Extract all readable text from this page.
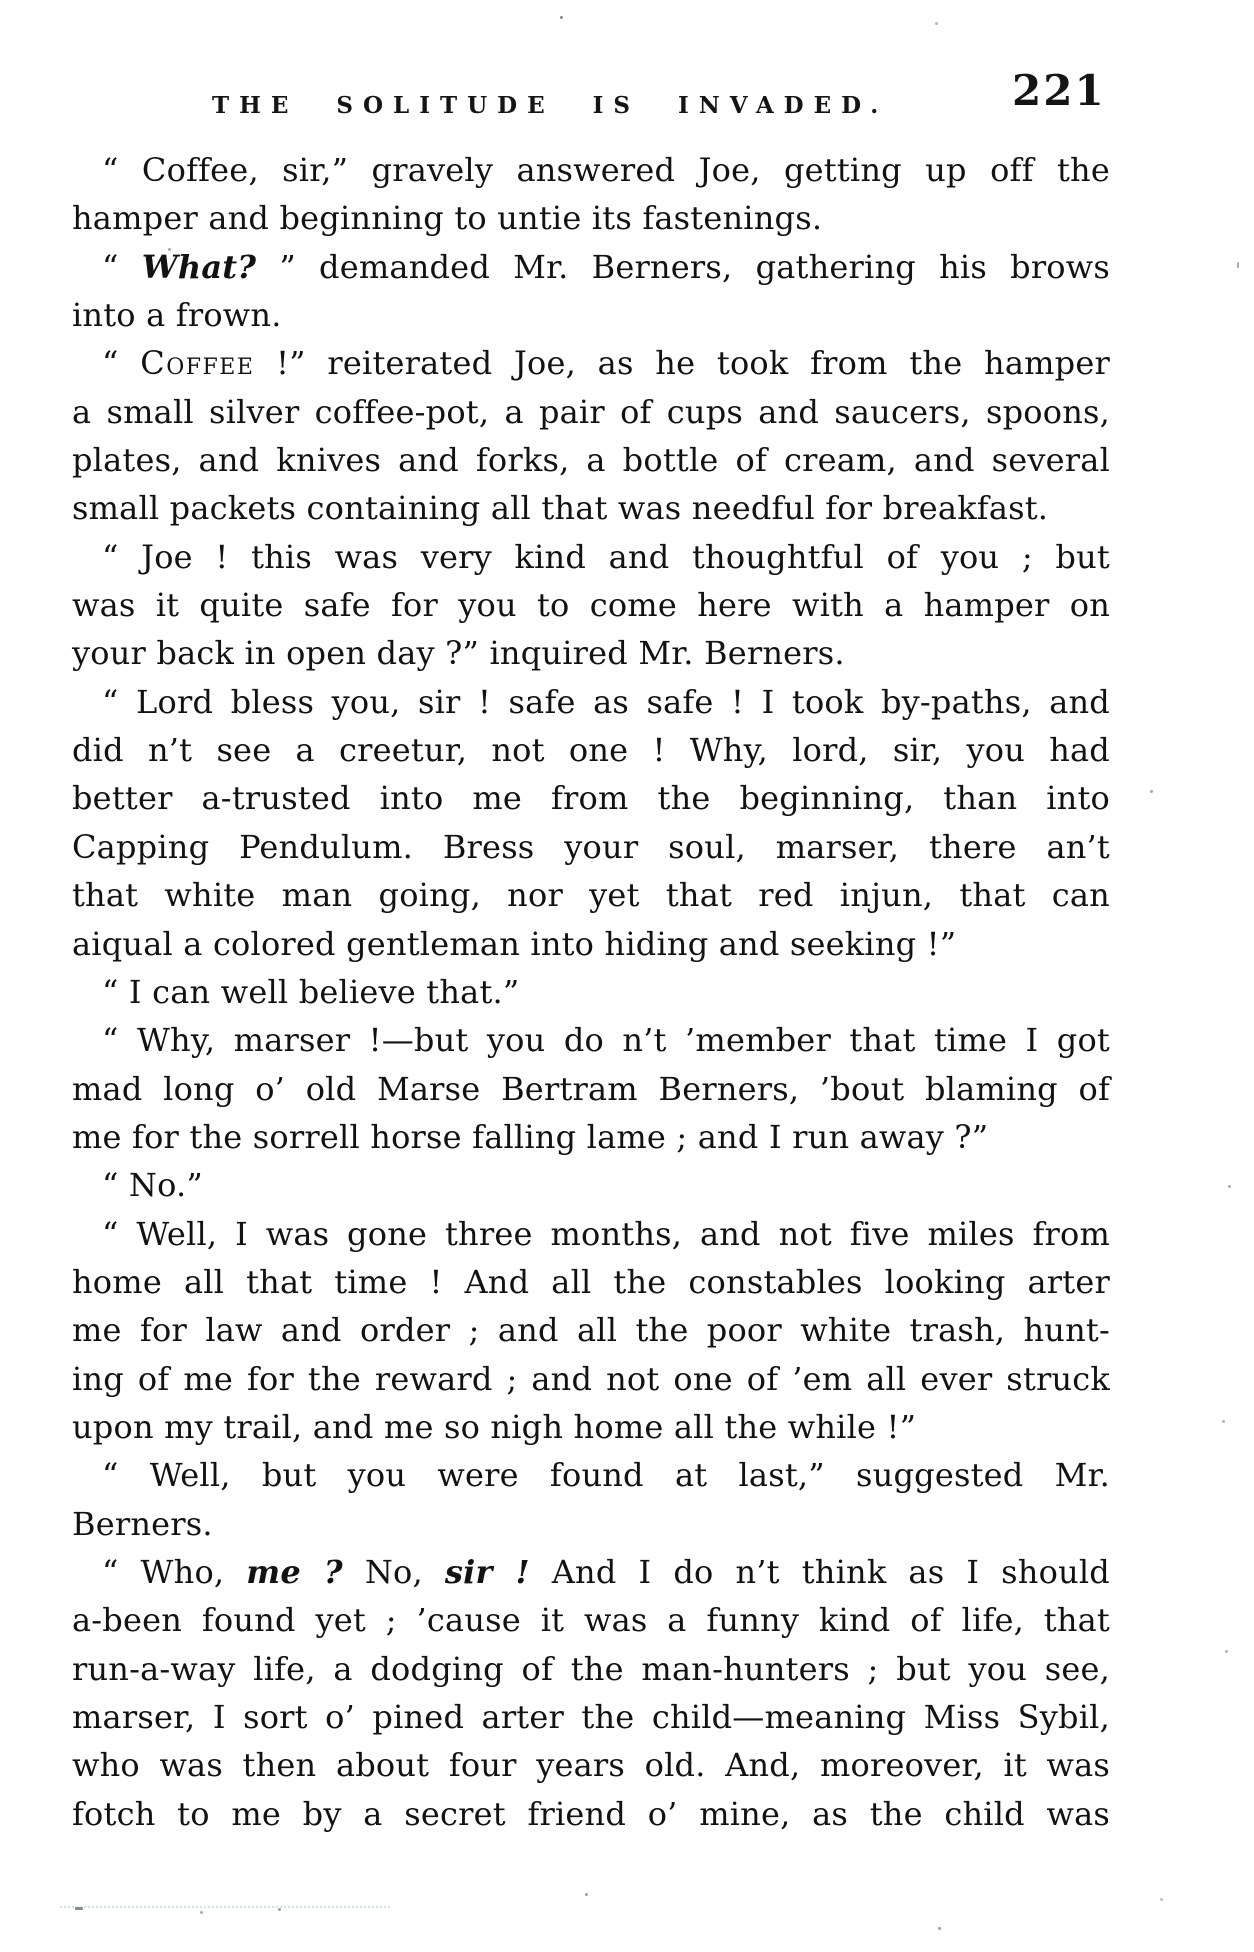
THE SOLITUDE IS INVADED.	221
“ Coffee, sir,” gravely answered Joe, getting up off the
hamper and beginning to untie its fastenings.
“ What? ” demanded Mr. Berners, gathering his brows
into a frown.
“ Coffee !” reiterated Joe, as he took from the hamper
a small silver coffee-pot, a pair of cups and saucers, spoons,
plates, and knives and forks, a bottle of cream, and several
small packets containing all that was needful for breakfast.
“ Joe ! this was very kind and thoughtful of you ; but
was it quite safe for you to come here with a hamper on
your back in open day ?” inquired Mr. Berners.
“ Lord bless you, sir ! safe as safe ! I took by-paths, and
did n’t see a creetur, not one ! Why, lord, sir, you had
better a-trusted into me from the beginning, than into
Capping Pendulum. Bress your soul, marser, there an’t
that white man going, nor yet that red injun, that can
aiqual a colored gentleman into hiding and seeking !”
“ I can well believe that.”
“ Why, marser !—but you do n’t ’member that time I got
mad long o’ old Marse Bertram Berners, ’bout blaming of
me for the sorrell horse falling lame ; and I run away ?”
“ No.”
“ Well, I was gone three months, and not five miles from
home all that time ! And all the constables looking arter
me for law and order ; and all the poor white trash, hunt-
ing of me for the reward ; and not one of ’em all ever struck
upon my trail, and me so nigh home all the while !”
“ Well, but you were found at last,” suggested Mr.
Berners.
“ Who, me ? No, sir ! And I do n’t think as I should
a-been found yet ; ’cause it was a funny kind of life, that
run-a-way life, a dodging of the man-hunters ; but you see,
marser, I sort o’ pined arter the child—meaning Miss Sybil,
who was then about four years old. And, moreover, it was
fotch to me by a secret friend o’ mine, as the child was
